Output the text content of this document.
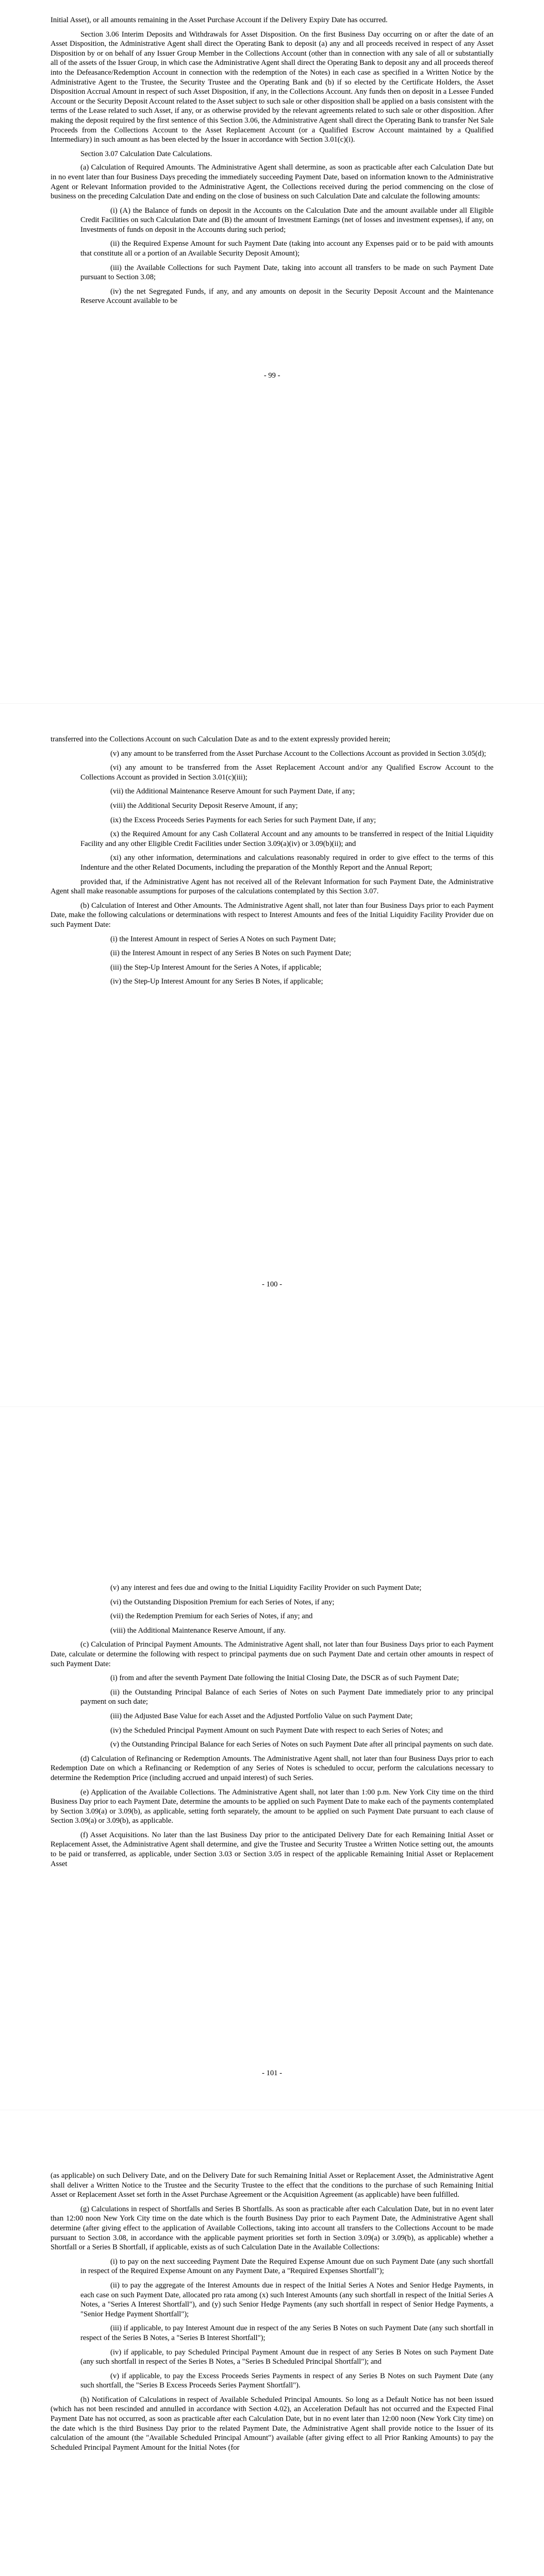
Initial Asset), or all amounts remaining in the Asset Purchase Account if the Delivery Expiry Date has occurred.

Section 3.06 Interim Deposits and Withdrawals for Asset Disposition. On the first Business Day occurring on or after the date of an Asset Disposition, the Administrative Agent shall direct the Operating Bank to deposit (a) any and all proceeds received in respect of any Asset Disposition by or on behalf of any Issuer Group Member in the Collections Account (other than in connection with any sale of all or substantially all of the assets of the Issuer Group, in which case the Administrative Agent shall direct the Operating Bank to deposit any and all proceeds thereof into the Defeasance/Redemption Account in connection with the redemption of the Notes) in each case as specified in a Written Notice by the Administrative Agent to the Trustee, the Security Trustee and the Operating Bank and (b) if so elected by the Certificate Holders, the Asset Disposition Accrual Amount in respect of such Asset Disposition, if any, in the Collections Account. Any funds then on deposit in a Lessee Funded Account or the Security Deposit Account related to the Asset subject to such sale or other disposition shall be applied on a basis consistent with the terms of the Lease related to such Asset, if any, or as otherwise provided by the relevant agreements related to such sale or other disposition. After making the deposit required by the first sentence of this Section 3.06, the Administrative Agent shall direct the Operating Bank to transfer Net Sale Proceeds from the Collections Account to the Asset Replacement Account (or a Qualified Escrow Account maintained by a Qualified Intermediary) in such amount as has been elected by the Issuer in accordance with Section 3.01(c)(i).

Section 3.07 Calculation Date Calculations.

(a) Calculation of Required Amounts. The Administrative Agent shall determine, as soon as practicable after each Calculation Date but in no event later than four Business Days preceding the immediately succeeding Payment Date, based on information known to the Administrative Agent or Relevant Information provided to the Administrative Agent, the Collections received during the period commencing on the close of business on the preceding Calculation Date and ending on the close of business on such Calculation Date and calculate the following amounts:

(i) (A) the Balance of funds on deposit in the Accounts on the Calculation Date and the amount available under all Eligible Credit Facilities on such Calculation Date and (B) the amount of Investment Earnings (net of losses and investment expenses), if any, on Investments of funds on deposit in the Accounts during such period;

(ii) the Required Expense Amount for such Payment Date (taking into account any Expenses paid or to be paid with amounts that constitute all or a portion of an Available Security Deposit Amount);

(iii) the Available Collections for such Payment Date, taking into account all transfers to be made on such Payment Date pursuant to Section 3.08;

(iv) the net Segregated Funds, if any, and any amounts on deposit in the Security Deposit Account and the Maintenance Reserve Account available to be

- 99 -

transferred into the Collections Account on such Calculation Date as and to the extent expressly provided herein;

(v) any amount to be transferred from the Asset Purchase Account to the Collections Account as provided in Section 3.05(d);

(vi) any amount to be transferred from the Asset Replacement Account and/or any Qualified Escrow Account to the Collections Account as provided in Section 3.01(c)(iii);

(vii) the Additional Maintenance Reserve Amount for such Payment Date, if any;

(viii) the Additional Security Deposit Reserve Amount, if any;

(ix) the Excess Proceeds Series Payments for each Series for such Payment Date, if any;

(x) the Required Amount for any Cash Collateral Account and any amounts to be transferred in respect of the Initial Liquidity Facility and any other Eligible Credit Facilities under Section 3.09(a)(iv) or 3.09(b)(ii); and

(xi) any other information, determinations and calculations reasonably required in order to give effect to the terms of this Indenture and the other Related Documents, including the preparation of the Monthly Report and the Annual Report;

provided that, if the Administrative Agent has not received all of the Relevant Information for such Payment Date, the Administrative Agent shall make reasonable assumptions for purposes of the calculations contemplated by this Section 3.07.

(b) Calculation of Interest and Other Amounts. The Administrative Agent shall, not later than four Business Days prior to each Payment Date, make the following calculations or determinations with respect to Interest Amounts and fees of the Initial Liquidity Facility Provider due on such Payment Date:

(i) the Interest Amount in respect of Series A Notes on such Payment Date;

(ii) the Interest Amount in respect of any Series B Notes on such Payment Date;

(iii) the Step-Up Interest Amount for the Series A Notes, if applicable;

(iv) the Step-Up Interest Amount for any Series B Notes, if applicable;

- 100 -

(v) any interest and fees due and owing to the Initial Liquidity Facility Provider on such Payment Date;

(vi) the Outstanding Disposition Premium for each Series of Notes, if any;

(vii) the Redemption Premium for each Series of Notes, if any; and

(viii) the Additional Maintenance Reserve Amount, if any.

(c) Calculation of Principal Payment Amounts. The Administrative Agent shall, not later than four Business Days prior to each Payment Date, calculate or determine the following with respect to principal payments due on such Payment Date and certain other amounts in respect of such Payment Date:

(i) from and after the seventh Payment Date following the Initial Closing Date, the DSCR as of such Payment Date;

(ii) the Outstanding Principal Balance of each Series of Notes on such Payment Date immediately prior to any principal payment on such date;

(iii) the Adjusted Base Value for each Asset and the Adjusted Portfolio Value on such Payment Date;

(iv) the Scheduled Principal Payment Amount on such Payment Date with respect to each Series of Notes; and

(v) the Outstanding Principal Balance for each Series of Notes on such Payment Date after all principal payments on such date.

(d) Calculation of Refinancing or Redemption Amounts. The Administrative Agent shall, not later than four Business Days prior to each Redemption Date on which a Refinancing or Redemption of any Series of Notes is scheduled to occur, perform the calculations necessary to determine the Redemption Price (including accrued and unpaid interest) of such Series.

(e) Application of the Available Collections. The Administrative Agent shall, not later than 1:00 p.m. New York City time on the third Business Day prior to each Payment Date, determine the amounts to be applied on such Payment Date to make each of the payments contemplated by Section 3.09(a) or 3.09(b), as applicable, setting forth separately, the amount to be applied on such Payment Date pursuant to each clause of Section 3.09(a) or 3.09(b), as applicable.

(f) Asset Acquisitions. No later than the last Business Day prior to the anticipated Delivery Date for each Remaining Initial Asset or Replacement Asset, the Administrative Agent shall determine, and give the Trustee and Security Trustee a Written Notice setting out, the amounts to be paid or transferred, as applicable, under Section 3.03 or Section 3.05 in respect of the applicable Remaining Initial Asset or Replacement Asset

- 101 -

(as applicable) on such Delivery Date, and on the Delivery Date for such Remaining Initial Asset or Replacement Asset, the Administrative Agent shall deliver a Written Notice to the Trustee and the Security Trustee to the effect that the conditions to the purchase of such Remaining Initial Asset or Replacement Asset set forth in the Asset Purchase Agreement or the Acquisition Agreement (as applicable) have been fulfilled.

(g) Calculations in respect of Shortfalls and Series B Shortfalls. As soon as practicable after each Calculation Date, but in no event later than 12:00 noon New York City time on the date which is the fourth Business Day prior to each Payment Date, the Administrative Agent shall determine (after giving effect to the application of Available Collections, taking into account all transfers to the Collections Account to be made pursuant to Section 3.08, in accordance with the applicable payment priorities set forth in Section 3.09(a) or 3.09(b), as applicable) whether a Shortfall or a Series B Shortfall, if applicable, exists as of such Calculation Date in the Available Collections:

(i) to pay on the next succeeding Payment Date the Required Expense Amount due on such Payment Date (any such shortfall in respect of the Required Expense Amount on any Payment Date, a "Required Expenses Shortfall");

(ii) to pay the aggregate of the Interest Amounts due in respect of the Initial Series A Notes and Senior Hedge Payments, in each case on such Payment Date, allocated pro rata among (x) such Interest Amounts (any such shortfall in respect of the Initial Series A Notes, a "Series A Interest Shortfall"), and (y) such Senior Hedge Payments (any such shortfall in respect of Senior Hedge Payments, a "Senior Hedge Payment Shortfall");

(iii) if applicable, to pay Interest Amount due in respect of the any Series B Notes on such Payment Date (any such shortfall in respect of the Series B Notes, a "Series B Interest Shortfall");

(iv) if applicable, to pay Scheduled Principal Payment Amount due in respect of any Series B Notes on such Payment Date (any such shortfall in respect of the Series B Notes, a "Series B Scheduled Principal Shortfall"); and

(v) if applicable, to pay the Excess Proceeds Series Payments in respect of any Series B Notes on such Payment Date (any such shortfall, the "Series B Excess Proceeds Series Payment Shortfall").

(h) Notification of Calculations in respect of Available Scheduled Principal Amounts. So long as a Default Notice has not been issued (which has not been rescinded and annulled in accordance with Section 4.02), an Acceleration Default has not occurred and the Expected Final Payment Date has not occurred, as soon as practicable after each Calculation Date, but in no event later than 12:00 noon (New York City time) on the date which is the third Business Day prior to the related Payment Date, the Administrative Agent shall provide notice to the Issuer of its calculation of the amount (the "Available Scheduled Principal Amount") available (after giving effect to all Prior Ranking Amounts) to pay the Scheduled Principal Payment Amount for the Initial Notes (for
